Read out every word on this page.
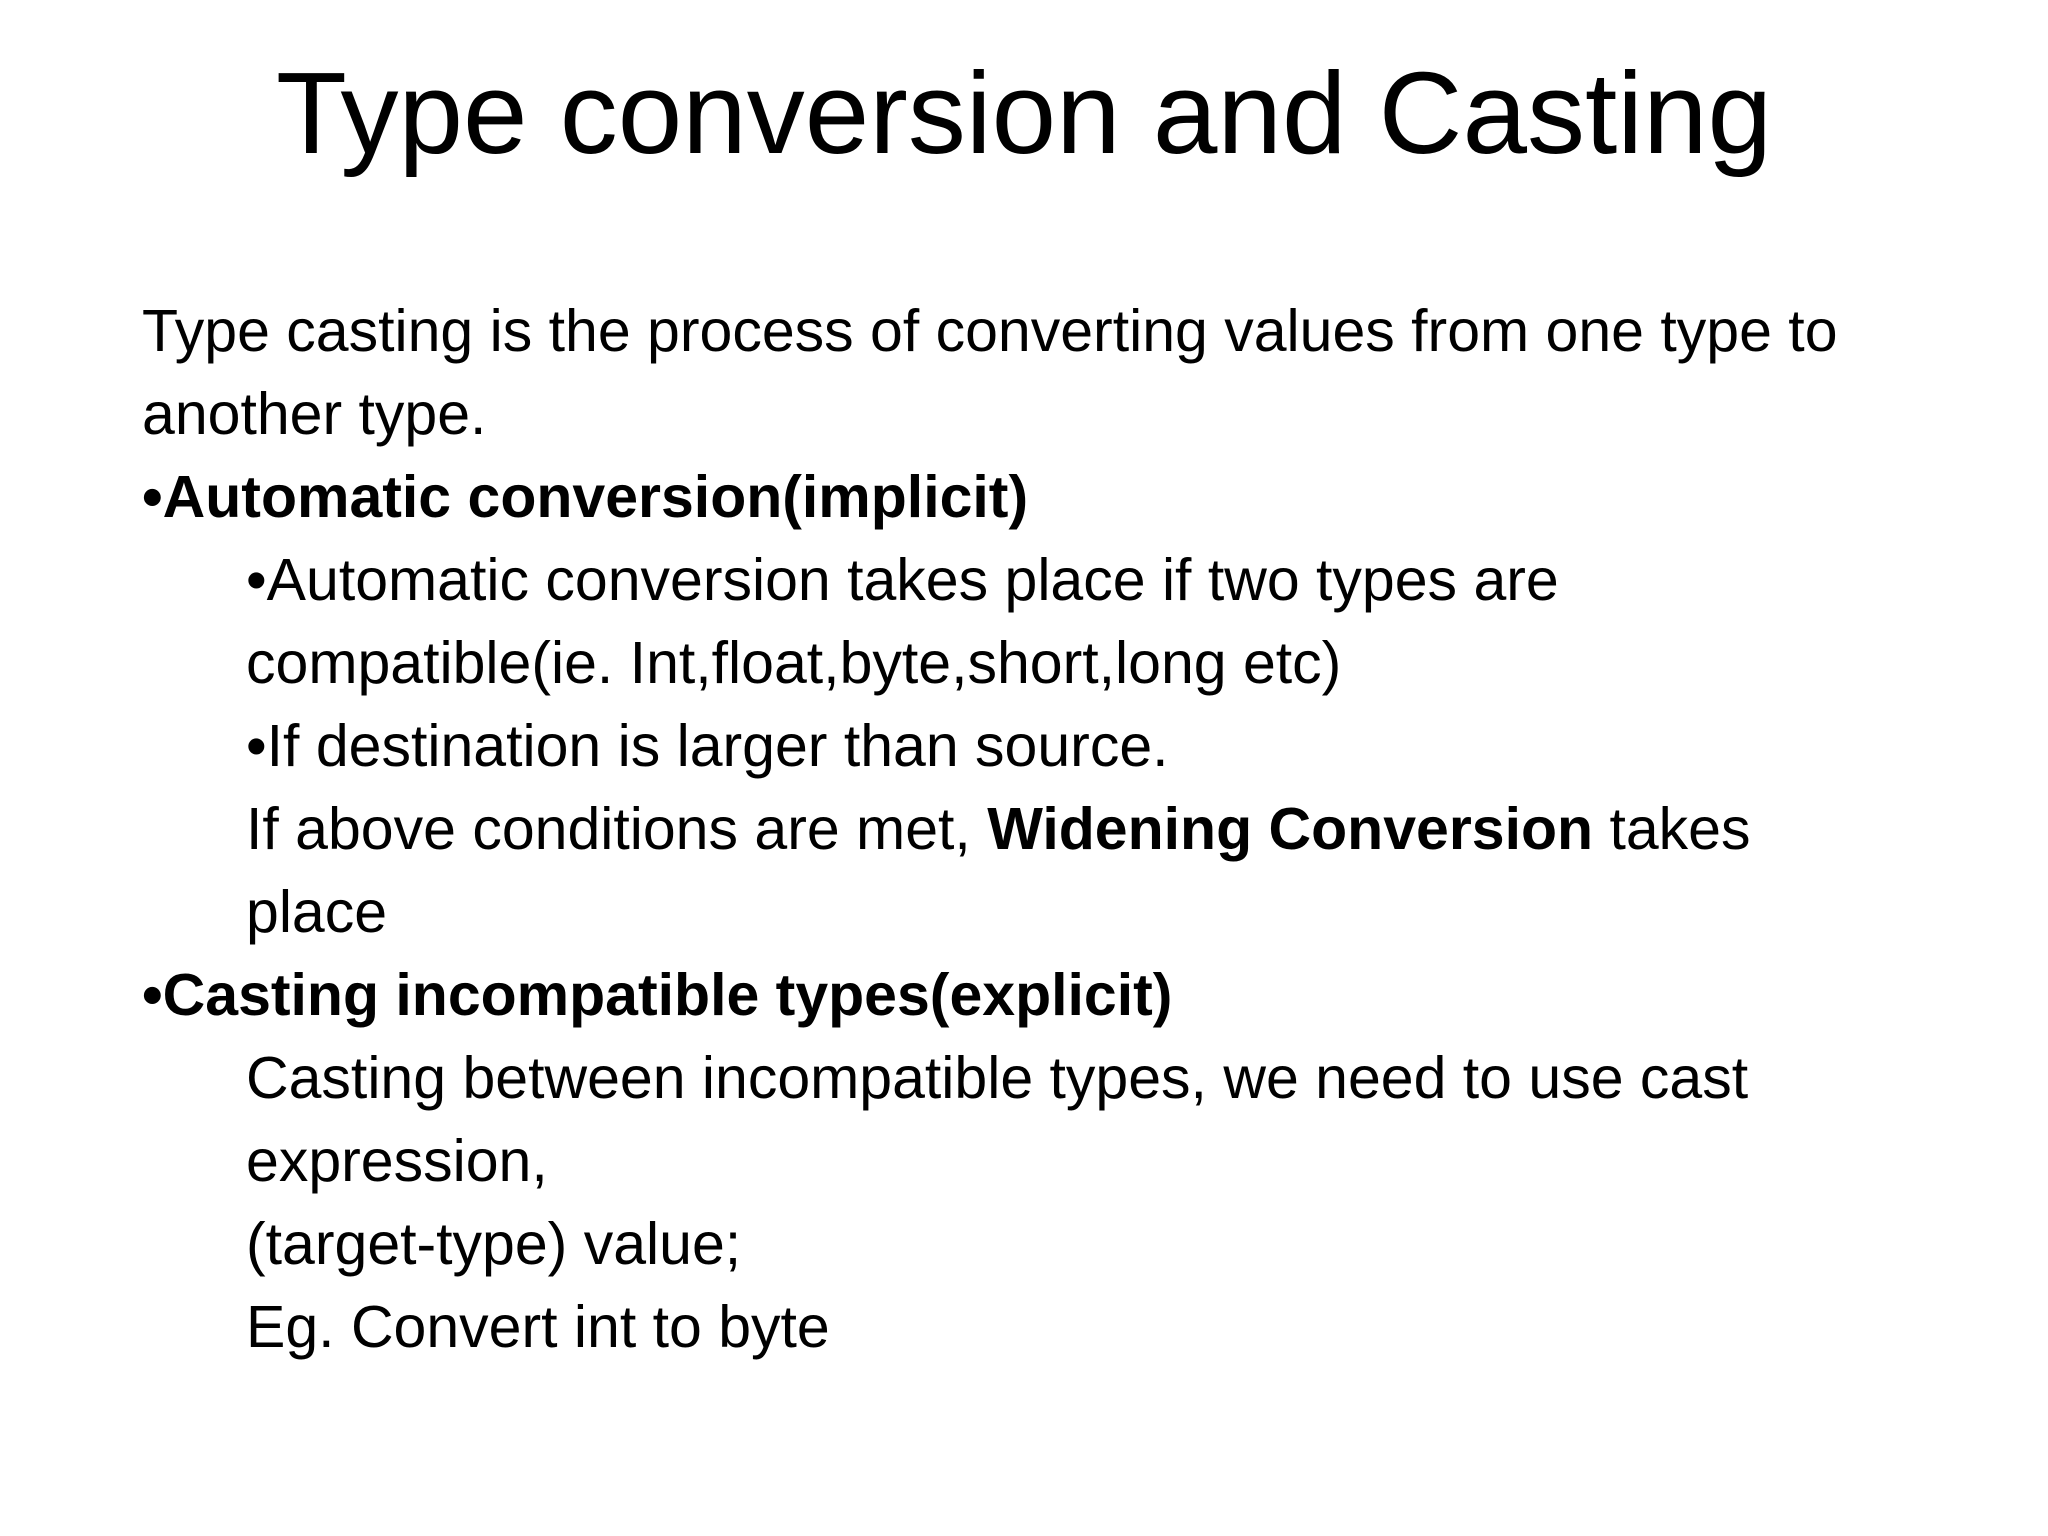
Type conversion and Casting
Type casting is the process of converting values from one type to
another type.
•Automatic conversion(implicit)
•Automatic conversion takes place if two types are
compatible(ie. Int,float,byte,short,long etc)
•If destination is larger than source.
If above conditions are met, Widening Conversion takes
place
•Casting incompatible types(explicit)
Casting between incompatible types, we need to use cast
expression,
(target-type) value;
Eg. Convert int to byte
